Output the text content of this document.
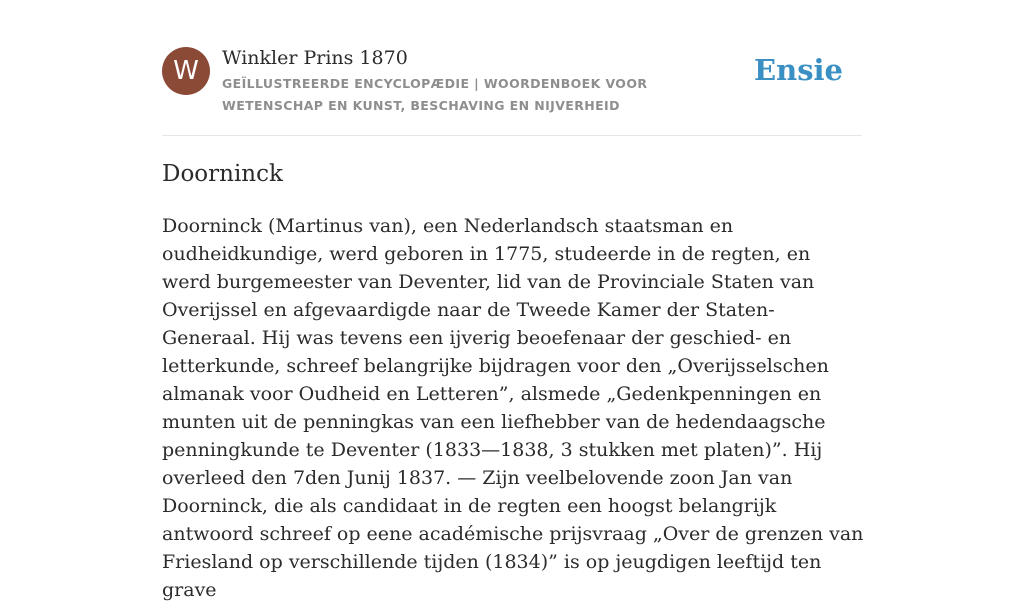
W	Winkler Prins 1870
GEÏLLUSTREERDE ENCYCLOPÆDIE | WOORDENBOEK VOOR WETENSCHAP EN KUNST, BESCHAVING EN NIJVERHEID
Ensie
Doorninck

Doorninck (Martinus van), een Nederlandsch staatsman en oudheidkundige, werd geboren in 1775, studeerde in de regten, en werd burgemeester van Deventer, lid van de Provinciale Staten van Overijssel en afgevaardigde naar de Tweede Kamer der Staten-Generaal. Hij was tevens een ijverig beoefenaar der geschied- en letterkunde, schreef belangrijke bijdragen voor den „Overijsselschen almanak voor Oudheid en Letteren”, alsmede „Gedenkpenningen en munten uit de penningkas van een liefhebber van de hedendaagsche penningkunde te Deventer (1833—1838, 3 stukken met platen)”. Hij overleed den 7den Junij 1837. — Zijn veelbelovende zoon Jan van Doorninck, die als candidaat in de regten een hoogst belangrijk antwoord schreef op eene académische prijsvraag „Over de grenzen van Friesland op verschillende tijden (1834)” is op jeugdigen leeftijd ten grave
